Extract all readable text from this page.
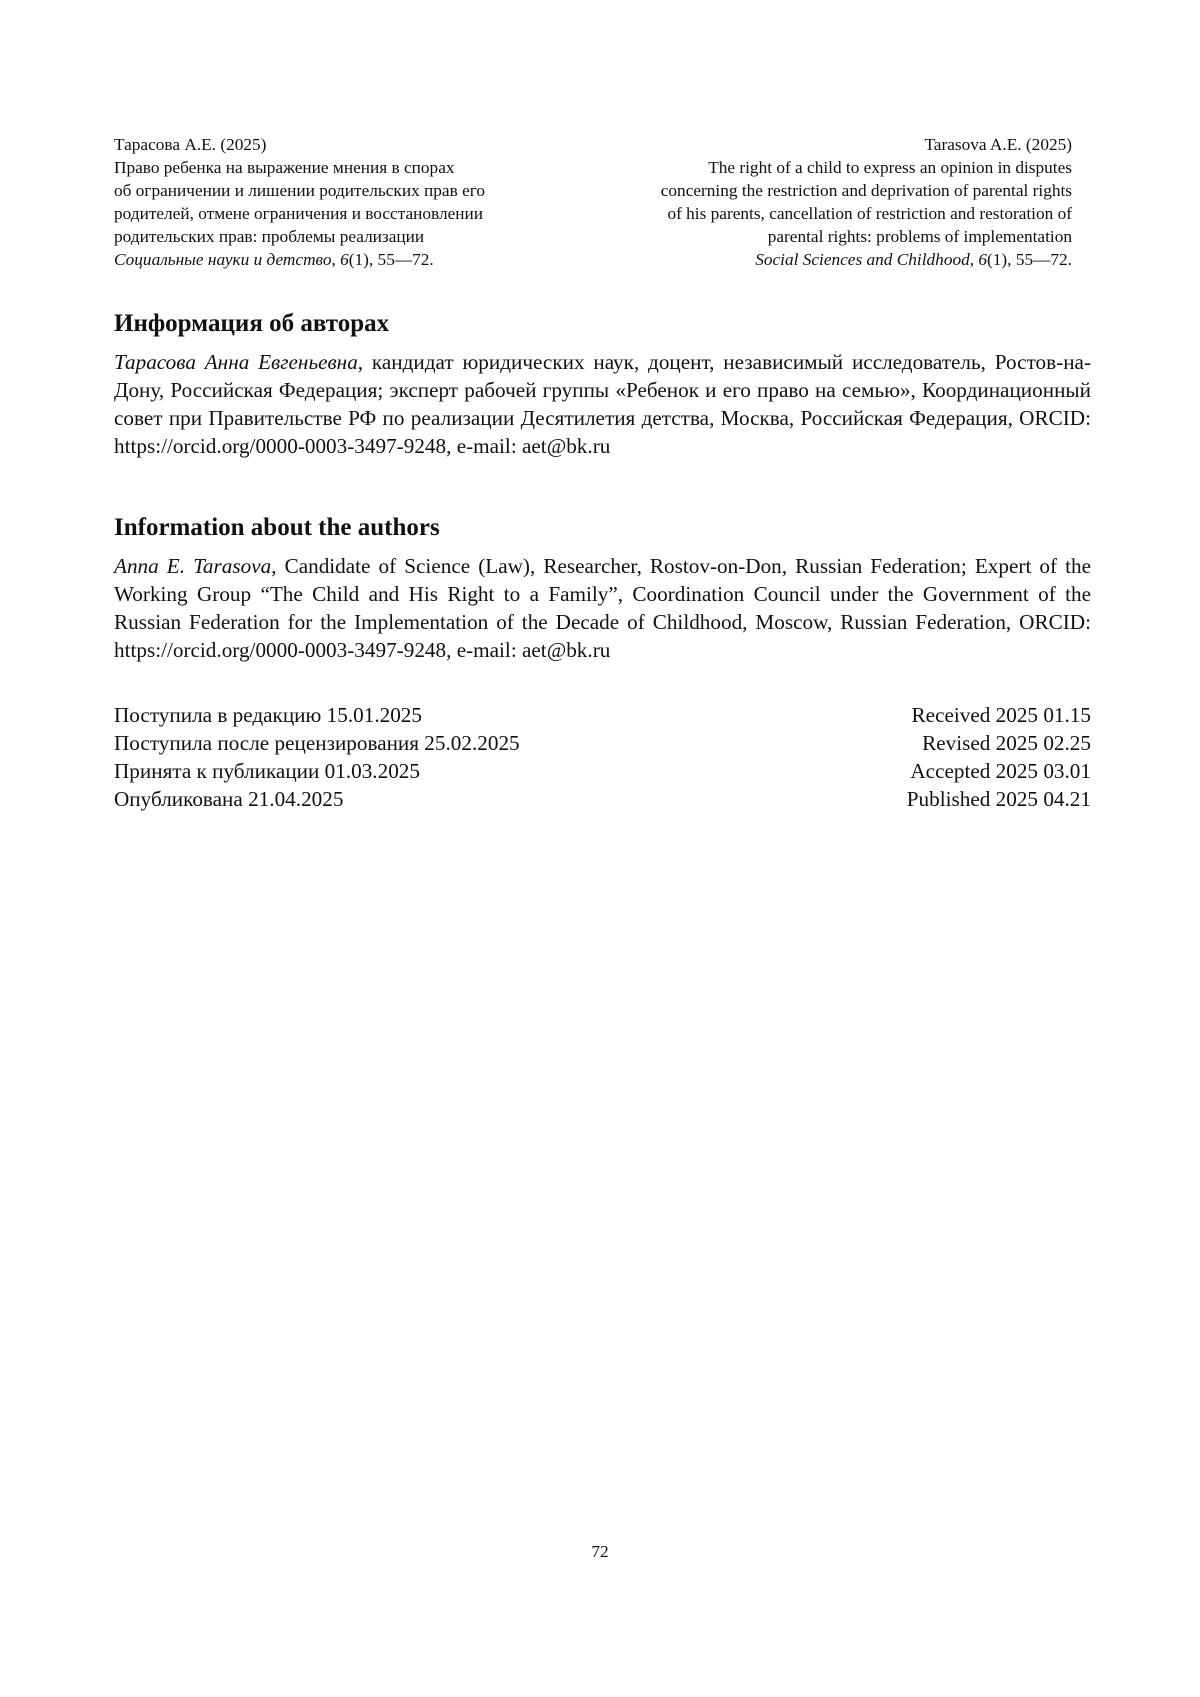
Тарасова А.Е. (2025)
Право ребенка на выражение мнения в спорах
об ограничении и лишении родительских прав его
родителей, отмене ограничения и восстановлении
родительских прав: проблемы реализации
Социальные науки и детство, 6(1), 55—72.
Tarasova A.E. (2025)
The right of a child to express an opinion in disputes
concerning the restriction and deprivation of parental rights
of his parents, cancellation of restriction and restoration of
parental rights: problems of implementation
Social Sciences and Childhood, 6(1), 55—72.
Информация об авторах

Тарасова Анна Евгеньевна, кандидат юридических наук, доцент, независимый исследователь, Ростов-на-Дону, Российская Федерация; эксперт рабочей группы «Ребенок и его право на семью», Координационный совет при Правительстве РФ по реализации Десятилетия детства, Москва, Российская Федерация, ORCID: https://orcid.org/0000-0003-3497-9248, e-mail: aet@bk.ru

Information about the authors

Anna E. Tarasova, Candidate of Science (Law), Researcher, Rostov-on-Don, Russian Federation; Expert of the Working Group “The Child and His Right to a Family”, Coordination Council under the Government of the Russian Federation for the Implementation of the Decade of Childhood, Moscow, Russian Federation, ORCID: https://orcid.org/0000-0003-3497-9248, e-mail: aet@bk.ru

Поступила в редакцию 15.01.2025
Поступила после рецензирования 25.02.2025
Принята к публикации 01.03.2025
Опубликована 21.04.2025
Received 2025 01.15
Revised 2025 02.25
Accepted 2025 03.01
Published 2025 04.21
72
